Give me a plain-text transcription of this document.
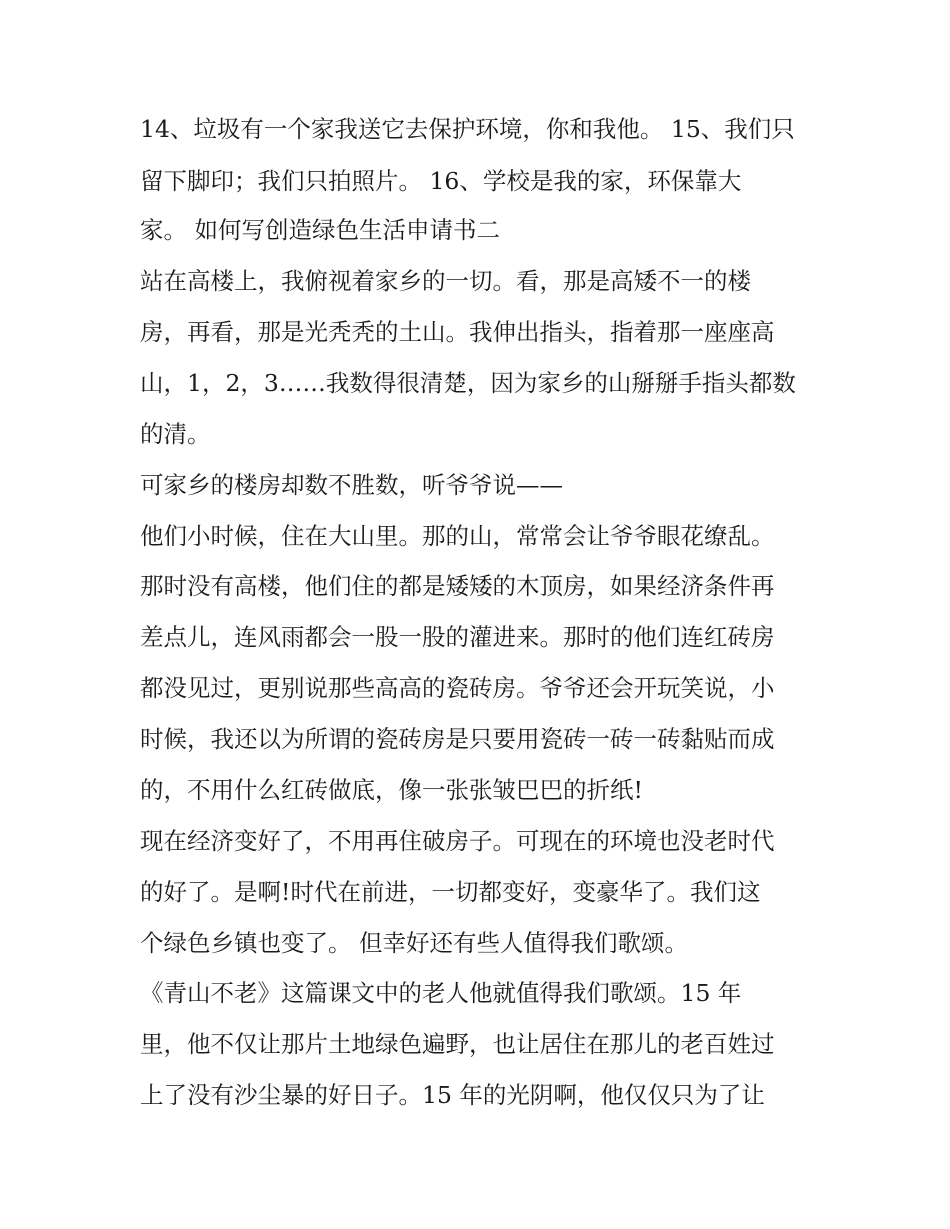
14、垃圾有一个家我送它去保护环境，你和我他。 15、我们只

留下脚印；我们只拍照片。 16、学校是我的家，环保靠大

家。 如何写创造绿色生活申请书二

站在高楼上，我俯视着家乡的一切。看，那是高矮不一的楼

房，再看，那是光秃秃的土山。我伸出指头，指着那一座座高

山，1，2，3……我数得很清楚，因为家乡的山掰掰手指头都数

的清。

可家乡的楼房却数不胜数，听爷爷说——

他们小时候，住在大山里。那的山，常常会让爷爷眼花缭乱。

那时没有高楼，他们住的都是矮矮的木顶房，如果经济条件再

差点儿，连风雨都会一股一股的灌进来。那时的他们连红砖房

都没见过，更别说那些高高的瓷砖房。爷爷还会开玩笑说，小

时候，我还以为所谓的瓷砖房是只要用瓷砖一砖一砖黏贴而成

的，不用什么红砖做底，像一张张皱巴巴的折纸!

现在经济变好了，不用再住破房子。可现在的环境也没老时代

的好了。是啊!时代在前进，一切都变好，变豪华了。我们这

个绿色乡镇也变了。 但幸好还有些人值得我们歌颂。

《青山不老》这篇课文中的老人他就值得我们歌颂。15 年

里，他不仅让那片土地绿色遍野，也让居住在那儿的老百姓过

上了没有沙尘暴的好日子。15 年的光阴啊，他仅仅只为了让
